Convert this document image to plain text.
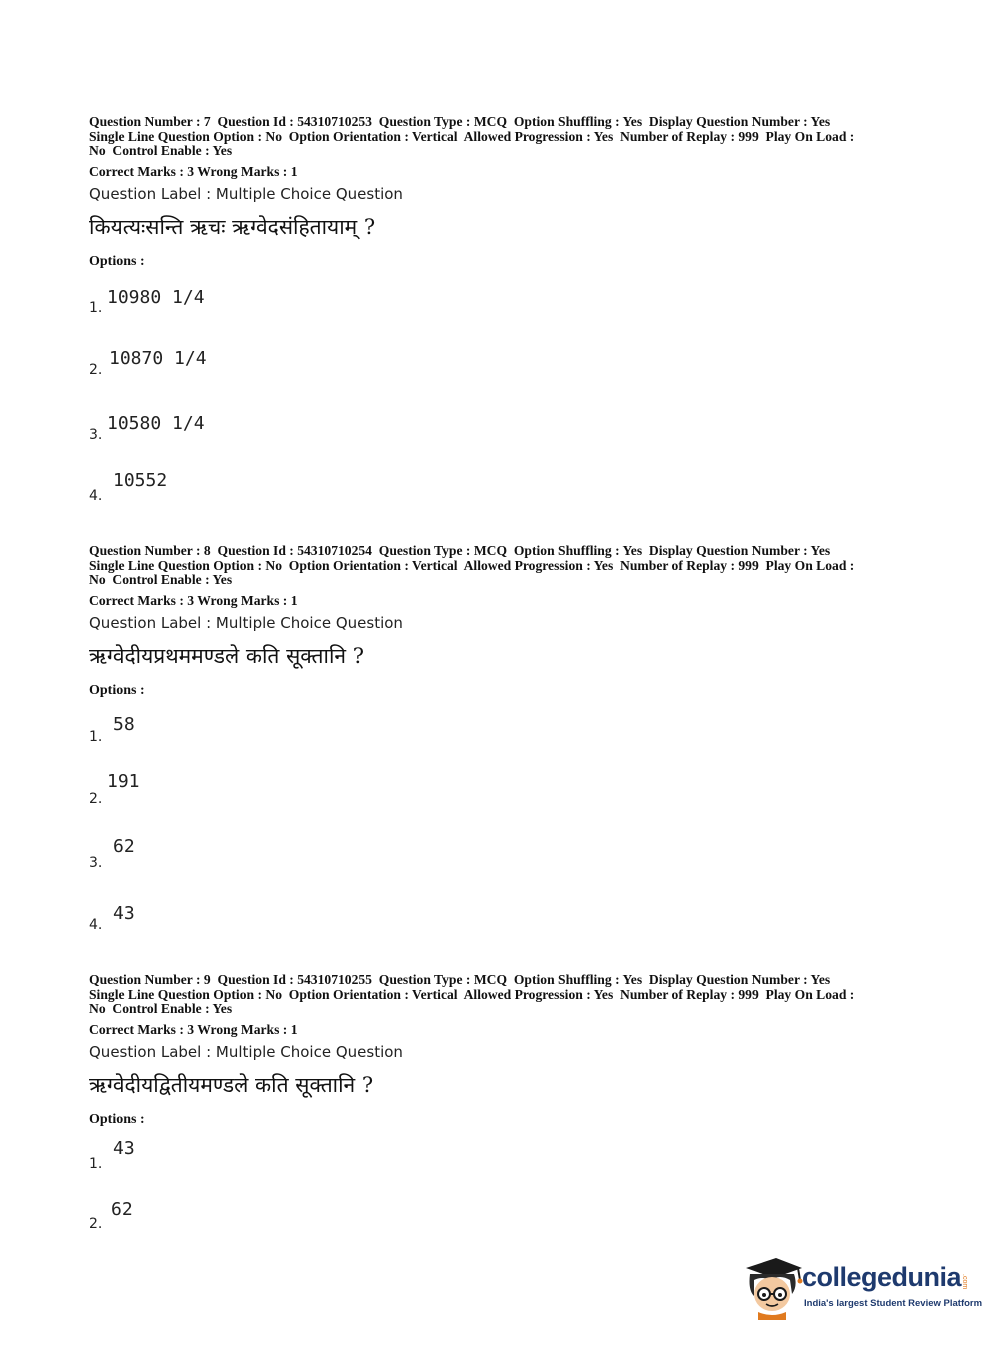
Question Number : 7  Question Id : 54310710253  Question Type : MCQ  Option Shuffling : Yes  Display Question Number : Yes
Single Line Question Option : No  Option Orientation : Vertical  Allowed Progression : Yes  Number of Replay : 999  Play On Load :
No  Control Enable : Yes
Correct Marks : 3 Wrong Marks : 1
Question Label : Multiple Choice Question
कियत्यःसन्ति ऋचः ऋग्वेदसंहितायाम् ?
Options :
1. 10980 1/4
2.
10870 1/4
3.
10580 1/4
4.
10552
Question Number : 8  Question Id : 54310710254  Question Type : MCQ  Option Shuffling : Yes  Display Question Number : Yes
Single Line Question Option : No  Option Orientation : Vertical  Allowed Progression : Yes  Number of Replay : 999  Play On Load :
No  Control Enable : Yes
Correct Marks : 3 Wrong Marks : 1
Question Label : Multiple Choice Question
ऋग्वेदीयप्रथममण्डले कति सूक्तानि ?
Options :
1.
58
2.
191
3.
62
4.
43
Question Number : 9  Question Id : 54310710255  Question Type : MCQ  Option Shuffling : Yes  Display Question Number : Yes
Single Line Question Option : No  Option Orientation : Vertical  Allowed Progression : Yes  Number of Replay : 999  Play On Load :
No  Control Enable : Yes
Correct Marks : 3 Wrong Marks : 1
Question Label : Multiple Choice Question
ऋग्वेदीयद्वितीयमण्डले कति सूक्तानि ?
Options :
1.
43
2.
62
collegedunia .com
India's largest Student Review Platform
